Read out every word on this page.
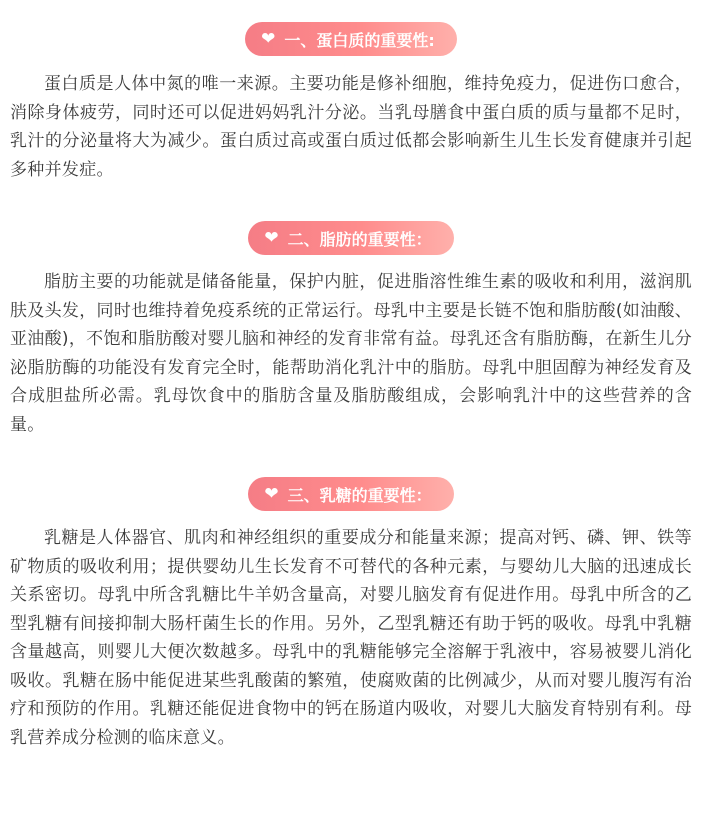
❤ 一、蛋白质的重要性:

蛋白质是人体中氮的唯一来源。主要功能是修补细胞，维持免疫力，促进伤口愈合，消除身体疲劳，同时还可以促进妈妈乳汁分泌。当乳母膳食中蛋白质的质与量都不足时，乳汁的分泌量将大为减少。蛋白质过高或蛋白质过低都会影响新生儿生长发育健康并引起多种并发症。

❤ 二、脂肪的重要性：

脂肪主要的功能就是储备能量，保护内脏，促进脂溶性维生素的吸收和利用，滋润肌肤及头发，同时也维持着免疫系统的正常运行。母乳中主要是长链不饱和脂肪酸(如油酸、亚油酸)，不饱和脂肪酸对婴儿脑和神经的发育非常有益。母乳还含有脂肪酶，在新生儿分泌脂肪酶的功能没有发育完全时，能帮助消化乳汁中的脂肪。母乳中胆固醇为神经发育及合成胆盐所必需。乳母饮食中的脂肪含量及脂肪酸组成，会影响乳汁中的这些营养的含量。

❤ 三、乳糖的重要性：

乳糖是人体器官、肌肉和神经组织的重要成分和能量来源；提高对钙、磷、钾、铁等矿物质的吸收利用；提供婴幼儿生长发育不可替代的各种元素，与婴幼儿大脑的迅速成长关系密切。母乳中所含乳糖比牛羊奶含量高，对婴儿脑发育有促进作用。母乳中所含的乙型乳糖有间接抑制大肠杆菌生长的作用。另外，乙型乳糖还有助于钙的吸收。母乳中乳糖含量越高，则婴儿大便次数越多。母乳中的乳糖能够完全溶解于乳液中，容易被婴儿消化吸收。乳糖在肠中能促进某些乳酸菌的繁殖，使腐败菌的比例减少，从而对婴儿腹泻有治疗和预防的作用。乳糖还能促进食物中的钙在肠道内吸收，对婴儿大脑发育特别有利。母乳营养成分检测的临床意义。
